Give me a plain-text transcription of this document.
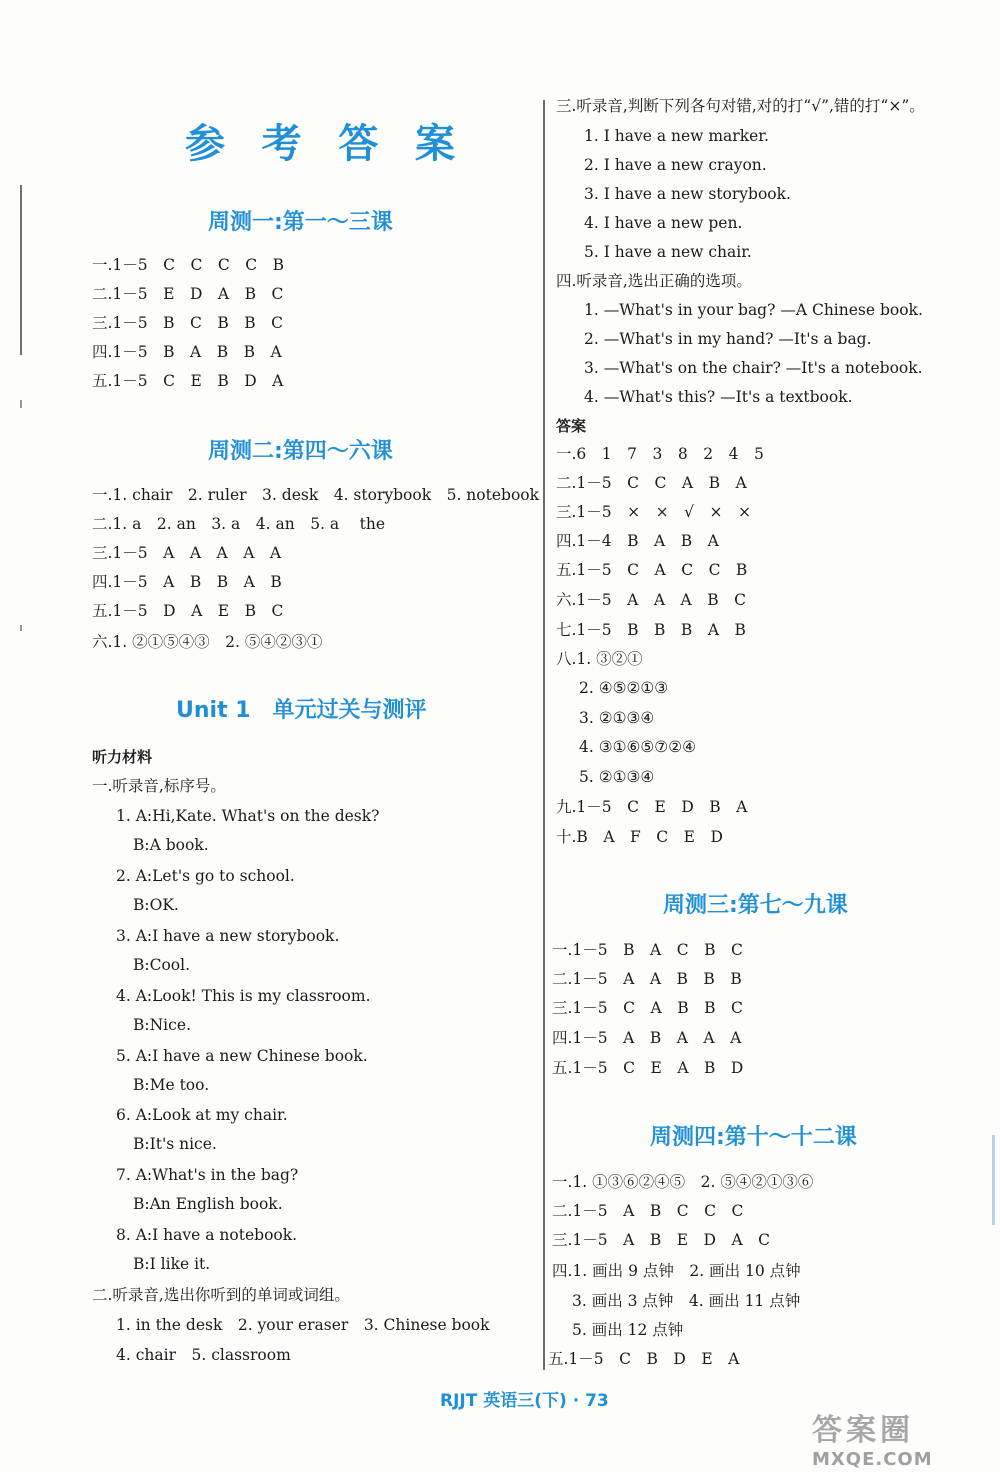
参 考 答 案
周测一:第一～三课
一.1－5　C　C　C　C　B
二.1－5　E　D　A　B　C
三.1－5　B　C　B　B　C
四.1－5　B　A　B　B　A
五.1－5　C　E　B　D　A
周测二:第四～六课
一.1. chair　2. ruler　3. desk　4. storybook　5. notebook
二.1. a　2. an　3. a　4. an　5. a　 the
三.1－5　A　A　A　A　A
四.1－5　A　B　B　A　B
五.1－5　D　A　E　B　C
六.1. ②①⑤④③　2. ⑤④②③①
Unit 1　单元过关与测评
听力材料
一.听录音,标序号。
1. A:Hi,Kate. What's on the desk?
B:A book.
2. A:Let's go to school.
B:OK.
3. A:I have a new storybook.
B:Cool.
4. A:Look! This is my classroom.
B:Nice.
5. A:I have a new Chinese book.
B:Me too.
6. A:Look at my chair.
B:It's nice.
7. A:What's in the bag?
B:An English book.
8. A:I have a notebook.
B:I like it.
二.听录音,选出你听到的单词或词组。
1. in the desk　2. your eraser　3. Chinese book
4. chair　5. classroom
三.听录音,判断下列各句对错,对的打“√”,错的打“×”。
1. I have a new marker.
2. I have a new crayon.
3. I have a new storybook.
4. I have a new pen.
5. I have a new chair.
四.听录音,选出正确的选项。
1. —What's in your bag? —A Chinese book.
2. —What's in my hand? —It's a bag.
3. —What's on the chair? —It's a notebook.
4. —What's this? —It's a textbook.
答案
一.6　1　7　3　8　2　4　5
二.1－5　C　C　A　B　A
三.1－5　×　×　√　×　×
四.1－4　B　A　B　A
五.1－5　C　A　C　C　B
六.1－5　A　A　A　B　C
七.1－5　B　B　B　A　B
八.1. ③②①
2. ④⑤②①③
3. ②①③④
4. ③①⑥⑤⑦②④
5. ②①③④
九.1－5　C　E　D　B　A
十.B　A　F　C　E　D
周测三:第七～九课
一.1－5　B　A　C　B　C
二.1－5　A　A　B　B　B
三.1－5　C　A　B　B　C
四.1－5　A　B　A　A　A
五.1－5　C　E　A　B　D
周测四:第十～十二课
一.1. ①③⑥②④⑤　2. ⑤④②①③⑥
二.1－5　A　B　C　C　C
三.1－5　A　B　E　D　A　C
四.1. 画出 9 点钟　2. 画出 10 点钟
3. 画出 3 点钟　4. 画出 11 点钟
5. 画出 12 点钟
五.1－5　C　B　D　E　A
RJJT 英语三(下) · 73
答案圈
MXQE.COM
